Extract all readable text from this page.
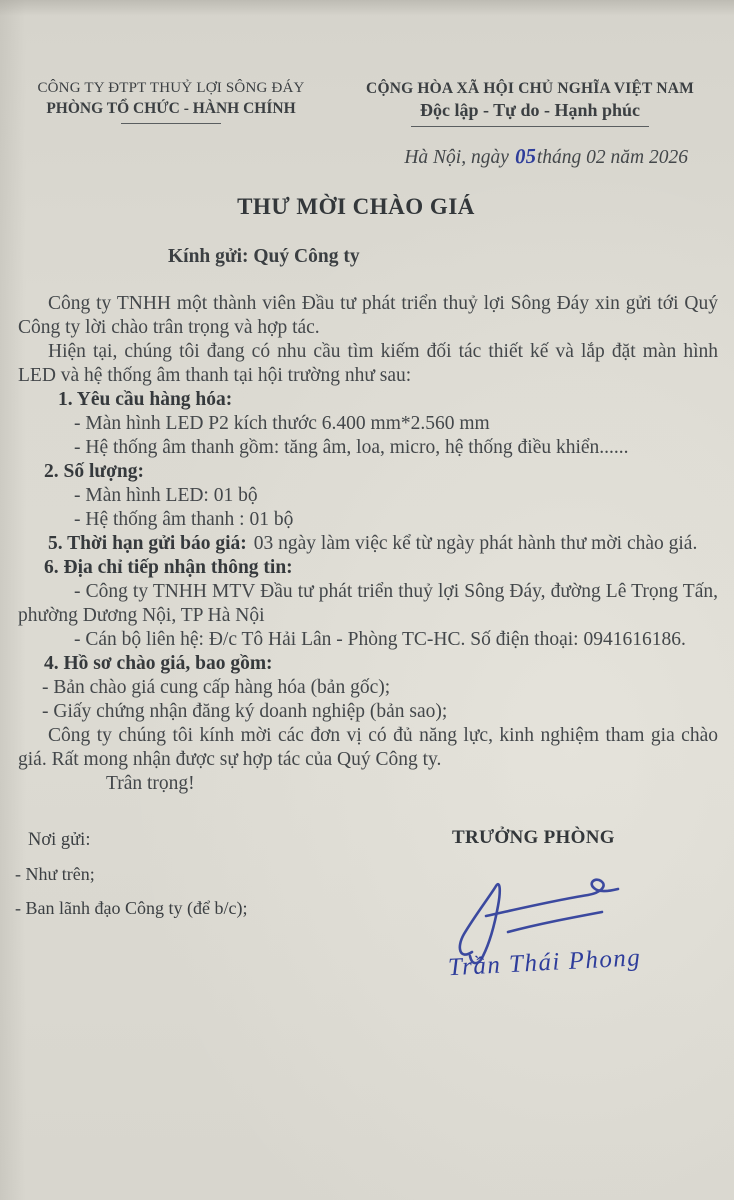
CÔNG TY ĐTPT THUỶ LỢI SÔNG ĐÁY
PHÒNG TỔ CHỨC - HÀNH CHÍNH
CỘNG HÒA XÃ HỘI CHỦ NGHĨA VIỆT NAM
Độc lập - Tự do - Hạnh phúc
Hà Nội, ngày 05tháng 02 năm 2026
THƯ MỜI CHÀO GIÁ
Kính gửi: Quý Công ty

Công ty TNHH một thành viên Đầu tư phát triển thuỷ lợi Sông Đáy xin gửi tới Quý Công ty lời chào trân trọng và hợp tác.

Hiện tại, chúng tôi đang có nhu cầu tìm kiếm đối tác thiết kế và lắp đặt màn hình LED và hệ thống âm thanh tại hội trường như sau:

1. Yêu cầu hàng hóa:

- Màn hình LED P2 kích thước 6.400 mm*2.560 mm

- Hệ thống âm thanh gồm: tăng âm, loa, micro, hệ thống điều khiển......

2. Số lượng:

- Màn hình LED: 01 bộ

- Hệ thống âm thanh : 01 bộ

5. Thời hạn gửi báo giá: 03 ngày làm việc kể từ ngày phát hành thư mời chào giá.

6. Địa chỉ tiếp nhận thông tin:

- Công ty TNHH MTV Đầu tư phát triển thuỷ lợi Sông Đáy, đường Lê Trọng Tấn, phường Dương Nội, TP Hà Nội

- Cán bộ liên hệ: Đ/c Tô Hải Lân - Phòng TC-HC. Số điện thoại: 0941616186.

4. Hồ sơ chào giá, bao gồm:

- Bản chào giá cung cấp hàng hóa (bản gốc);

- Giấy chứng nhận đăng ký doanh nghiệp (bản sao);

Công ty chúng tôi kính mời các đơn vị có đủ năng lực, kinh nghiệm tham gia chào giá. Rất mong nhận được sự hợp tác của Quý Công ty.

Trân trọng!

Nơi gửi:
- Như trên;
- Ban lãnh đạo Công ty (để b/c);
TRƯỞNG PHÒNG
Trần Thái Phong
